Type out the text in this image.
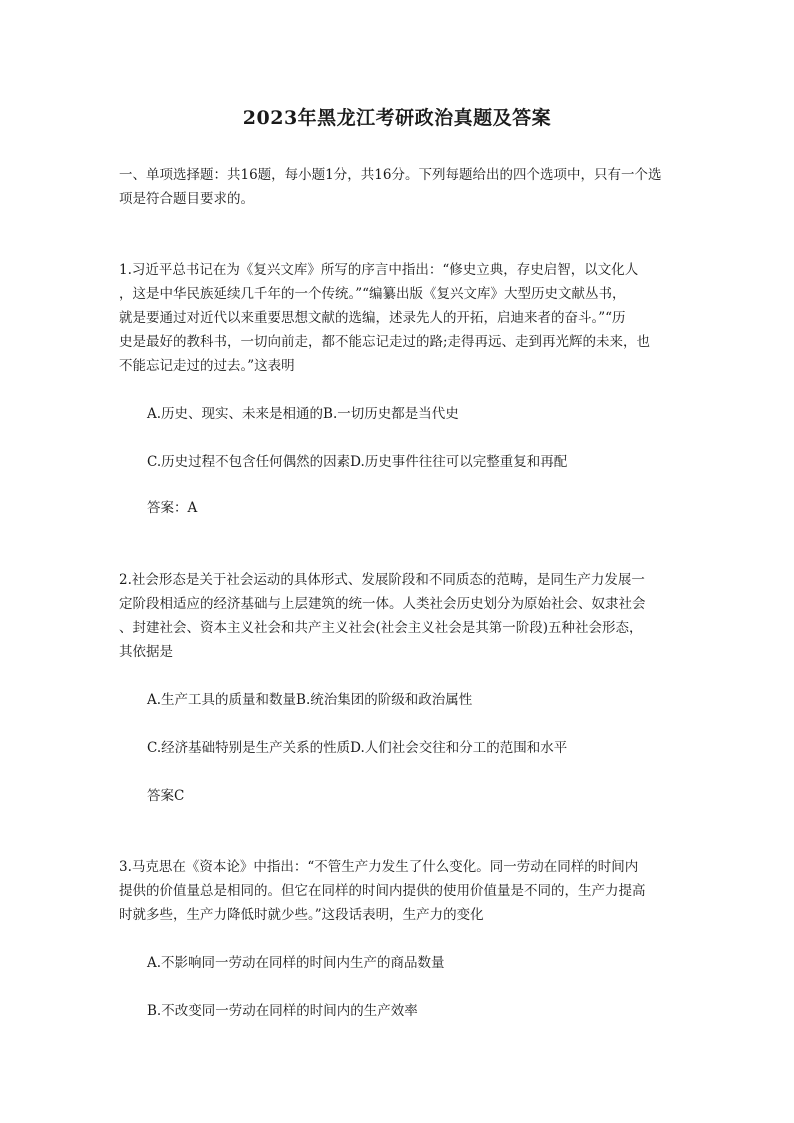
2023年黑龙江考研政治真题及答案
一、单项选择题：共16题，每小题1分，共16分。下列每题给出的四个选项中，只有一个选
项是符合题目要求的。
1.习近平总书记在为《复兴文库》所写的序言中指出：“修史立典，存史启智，以文化人
，这是中华民族延续几千年的一个传统。”“编纂出版《复兴文库》大型历史文献丛书，
就是要通过对近代以来重要思想文献的选编，述录先人的开拓，启迪来者的奋斗。”“历
史是最好的教科书，一切向前走，都不能忘记走过的路;走得再远、走到再光辉的未来，也
不能忘记走过的过去。”这表明
A.历史、现实、未来是相通的B.一切历史都是当代史
C.历史过程不包含任何偶然的因素D.历史事件往往可以完整重复和再配
答案：A
2.社会形态是关于社会运动的具体形式、发展阶段和不同质态的范畴，是同生产力发展一
定阶段相适应的经济基础与上层建筑的统一体。人类社会历史划分为原始社会、奴隶社会
、封建社会、资本主义社会和共产主义社会(社会主义社会是其第一阶段)五种社会形态，
其依据是
A.生产工具的质量和数量B.统治集团的阶级和政治属性
C.经济基础特别是生产关系的性质D.人们社会交往和分工的范围和水平
答案C
3.马克思在《资本论》中指出：“不管生产力发生了什么变化。同一劳动在同样的时间内
提供的价值量总是相同的。但它在同样的时间内提供的使用价值量是不同的，生产力提高
时就多些，生产力降低时就少些。”这段话表明，生产力的变化
A.不影响同一劳动在同样的时间内生产的商品数量
B.不改变同一劳动在同样的时间内的生产效率
